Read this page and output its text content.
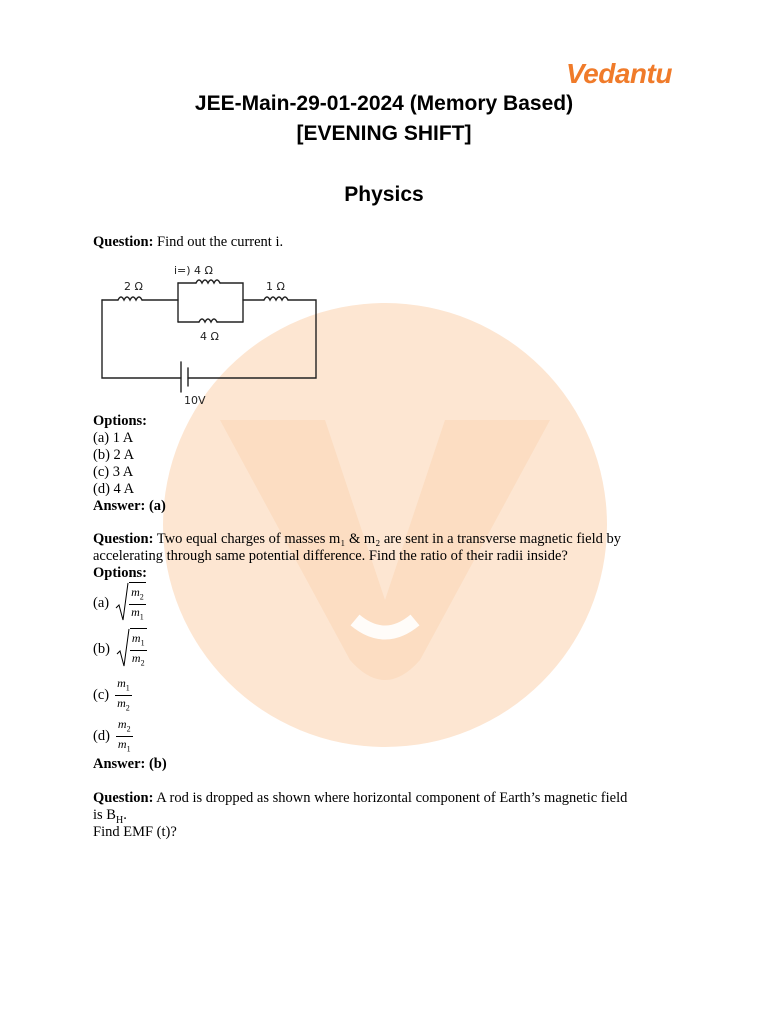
Vedantu
JEE-Main-29-01-2024 (Memory Based)
[EVENING SHIFT]
Physics
Question: Find out the current i.
2 Ω
i=) 4 Ω
1 Ω
4 Ω
10V
Options:
(a) 1 A
(b) 2 A
(c) 3 A
(d) 4 A
Answer: (a)
Question: Two equal charges of masses m₁ & m₂ are sent in a transverse magnetic field by
accelerating through same potential difference. Find the ratio of their radii inside?
Options:
$(a) \frac{m_2}{m_1}$
$(b) \frac{m_1}{m_2}$
$(c) \frac{m_1}{m_2}$
$(d) \frac{m_2}{m_1}$
Answer: (b)
Question: A rod is dropped as shown where horizontal component of Earth’s magnetic field
is $B_H$.
Find EMF (t)?
